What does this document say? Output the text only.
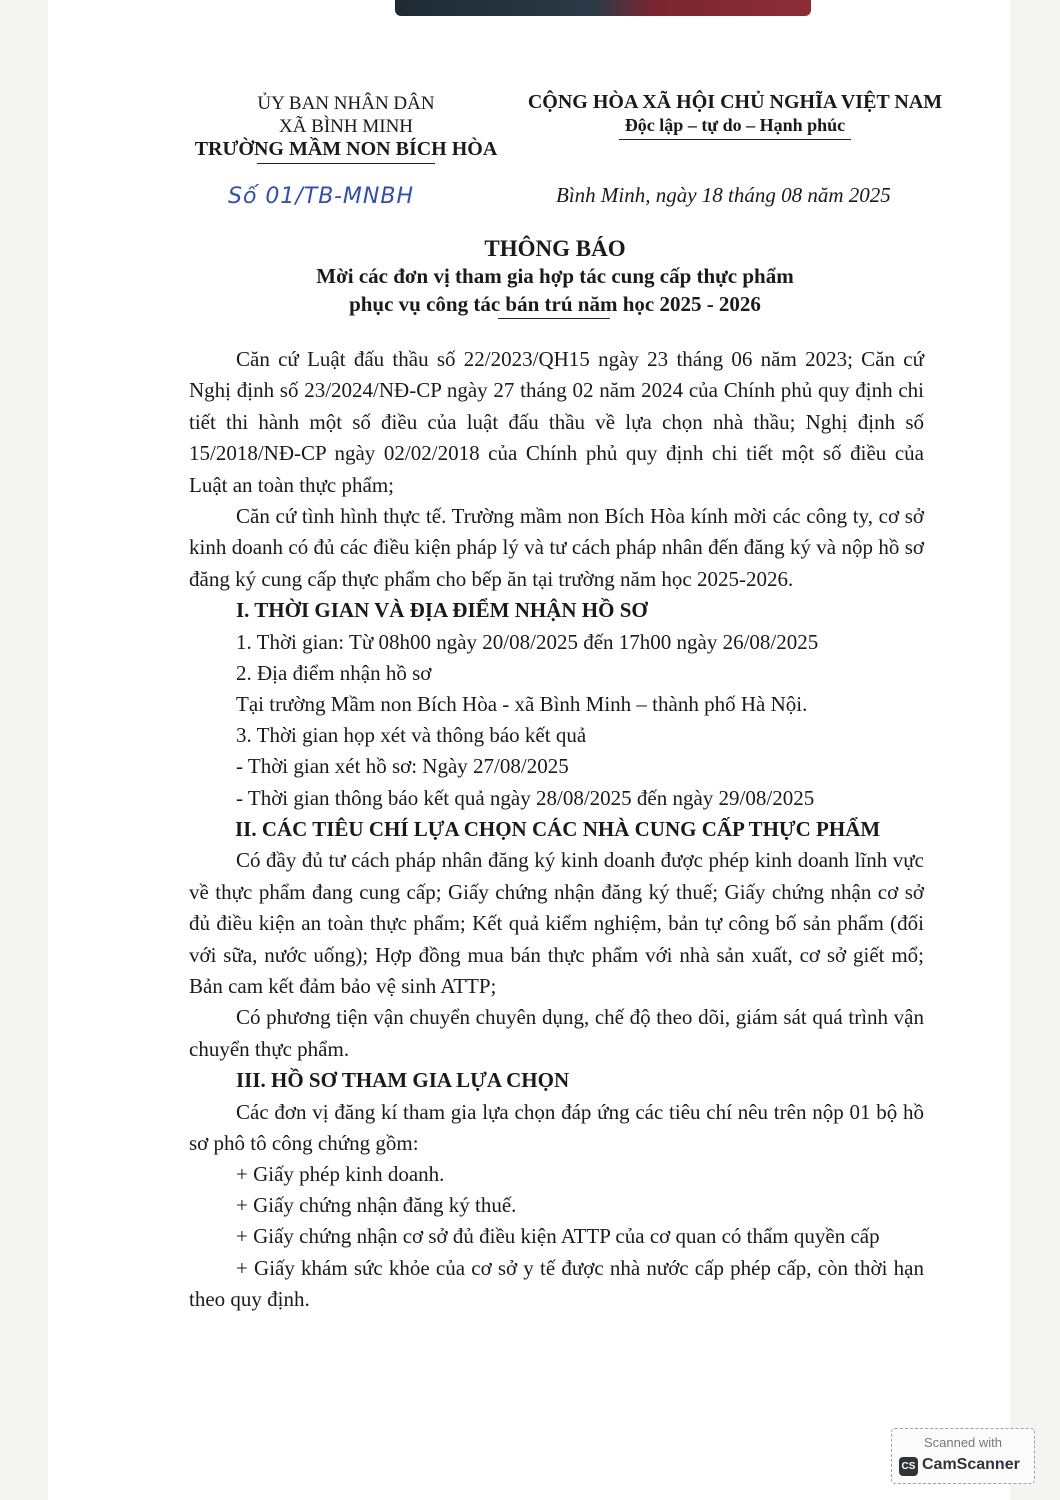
ỦY BAN NHÂN DÂN
XÃ BÌNH MINH
TRƯỜNG MẦM NON BÍCH HÒA
CỘNG HÒA XÃ HỘI CHỦ NGHĨA VIỆT NAM
Độc lập – tự do – Hạnh phúc
Số 01/TB-MNBH	Bình Minh, ngày 18 tháng 08 năm 2025
THÔNG BÁO
Mời các đơn vị tham gia hợp tác cung cấp thực phẩm
phục vụ công tác bán trú năm học 2025 - 2026

Căn cứ Luật đấu thầu số 22/2023/QH15 ngày 23 tháng 06 năm 2023; Căn cứ Nghị định số 23/2024/NĐ-CP ngày 27 tháng 02 năm 2024 của Chính phủ quy định chi tiết thi hành một số điều của luật đấu thầu về lựa chọn nhà thầu; Nghị định số 15/2018/NĐ-CP ngày 02/02/2018 của Chính phủ quy định chi tiết một số điều của Luật an toàn thực phẩm;

Căn cứ tình hình thực tế. Trường mầm non Bích Hòa kính mời các công ty, cơ sở kinh doanh có đủ các điều kiện pháp lý và tư cách pháp nhân đến đăng ký và nộp hồ sơ đăng ký cung cấp thực phẩm cho bếp ăn tại trường năm học 2025-2026.

I. THỜI GIAN VÀ ĐỊA ĐIỂM NHẬN HỒ SƠ
1. Thời gian: Từ 08h00 ngày 20/08/2025 đến 17h00 ngày 26/08/2025
2. Địa điểm nhận hồ sơ
Tại trường Mầm non Bích Hòa - xã Bình Minh – thành phố Hà Nội.
3. Thời gian họp xét và thông báo kết quả
- Thời gian xét hồ sơ: Ngày 27/08/2025
- Thời gian thông báo kết quả ngày 28/08/2025 đến ngày 29/08/2025
II. CÁC TIÊU CHÍ LỰA CHỌN CÁC NHÀ CUNG CẤP THỰC PHẨM

Có đầy đủ tư cách pháp nhân đăng ký kinh doanh được phép kinh doanh lĩnh vực về thực phẩm đang cung cấp; Giấy chứng nhận đăng ký thuế; Giấy chứng nhận cơ sở đủ điều kiện an toàn thực phẩm; Kết quả kiểm nghiệm, bản tự công bố sản phẩm (đối với sữa, nước uống); Hợp đồng mua bán thực phẩm với nhà sản xuất, cơ sở giết mổ; Bản cam kết đảm bảo vệ sinh ATTP;

Có phương tiện vận chuyển chuyên dụng, chế độ theo dõi, giám sát quá trình vận chuyển thực phẩm.

III. HỒ SƠ THAM GIA LỰA CHỌN

Các đơn vị đăng kí tham gia lựa chọn đáp ứng các tiêu chí nêu trên nộp 01 bộ hồ sơ phô tô công chứng gồm:

+ Giấy phép kinh doanh.
+ Giấy chứng nhận đăng ký thuế.
+ Giấy chứng nhận cơ sở đủ điều kiện ATTP của cơ quan có thẩm quyền cấp

+ Giấy khám sức khỏe của cơ sở y tế được nhà nước cấp phép cấp, còn thời hạn theo quy định.

Scanned with
CS CamScanner
